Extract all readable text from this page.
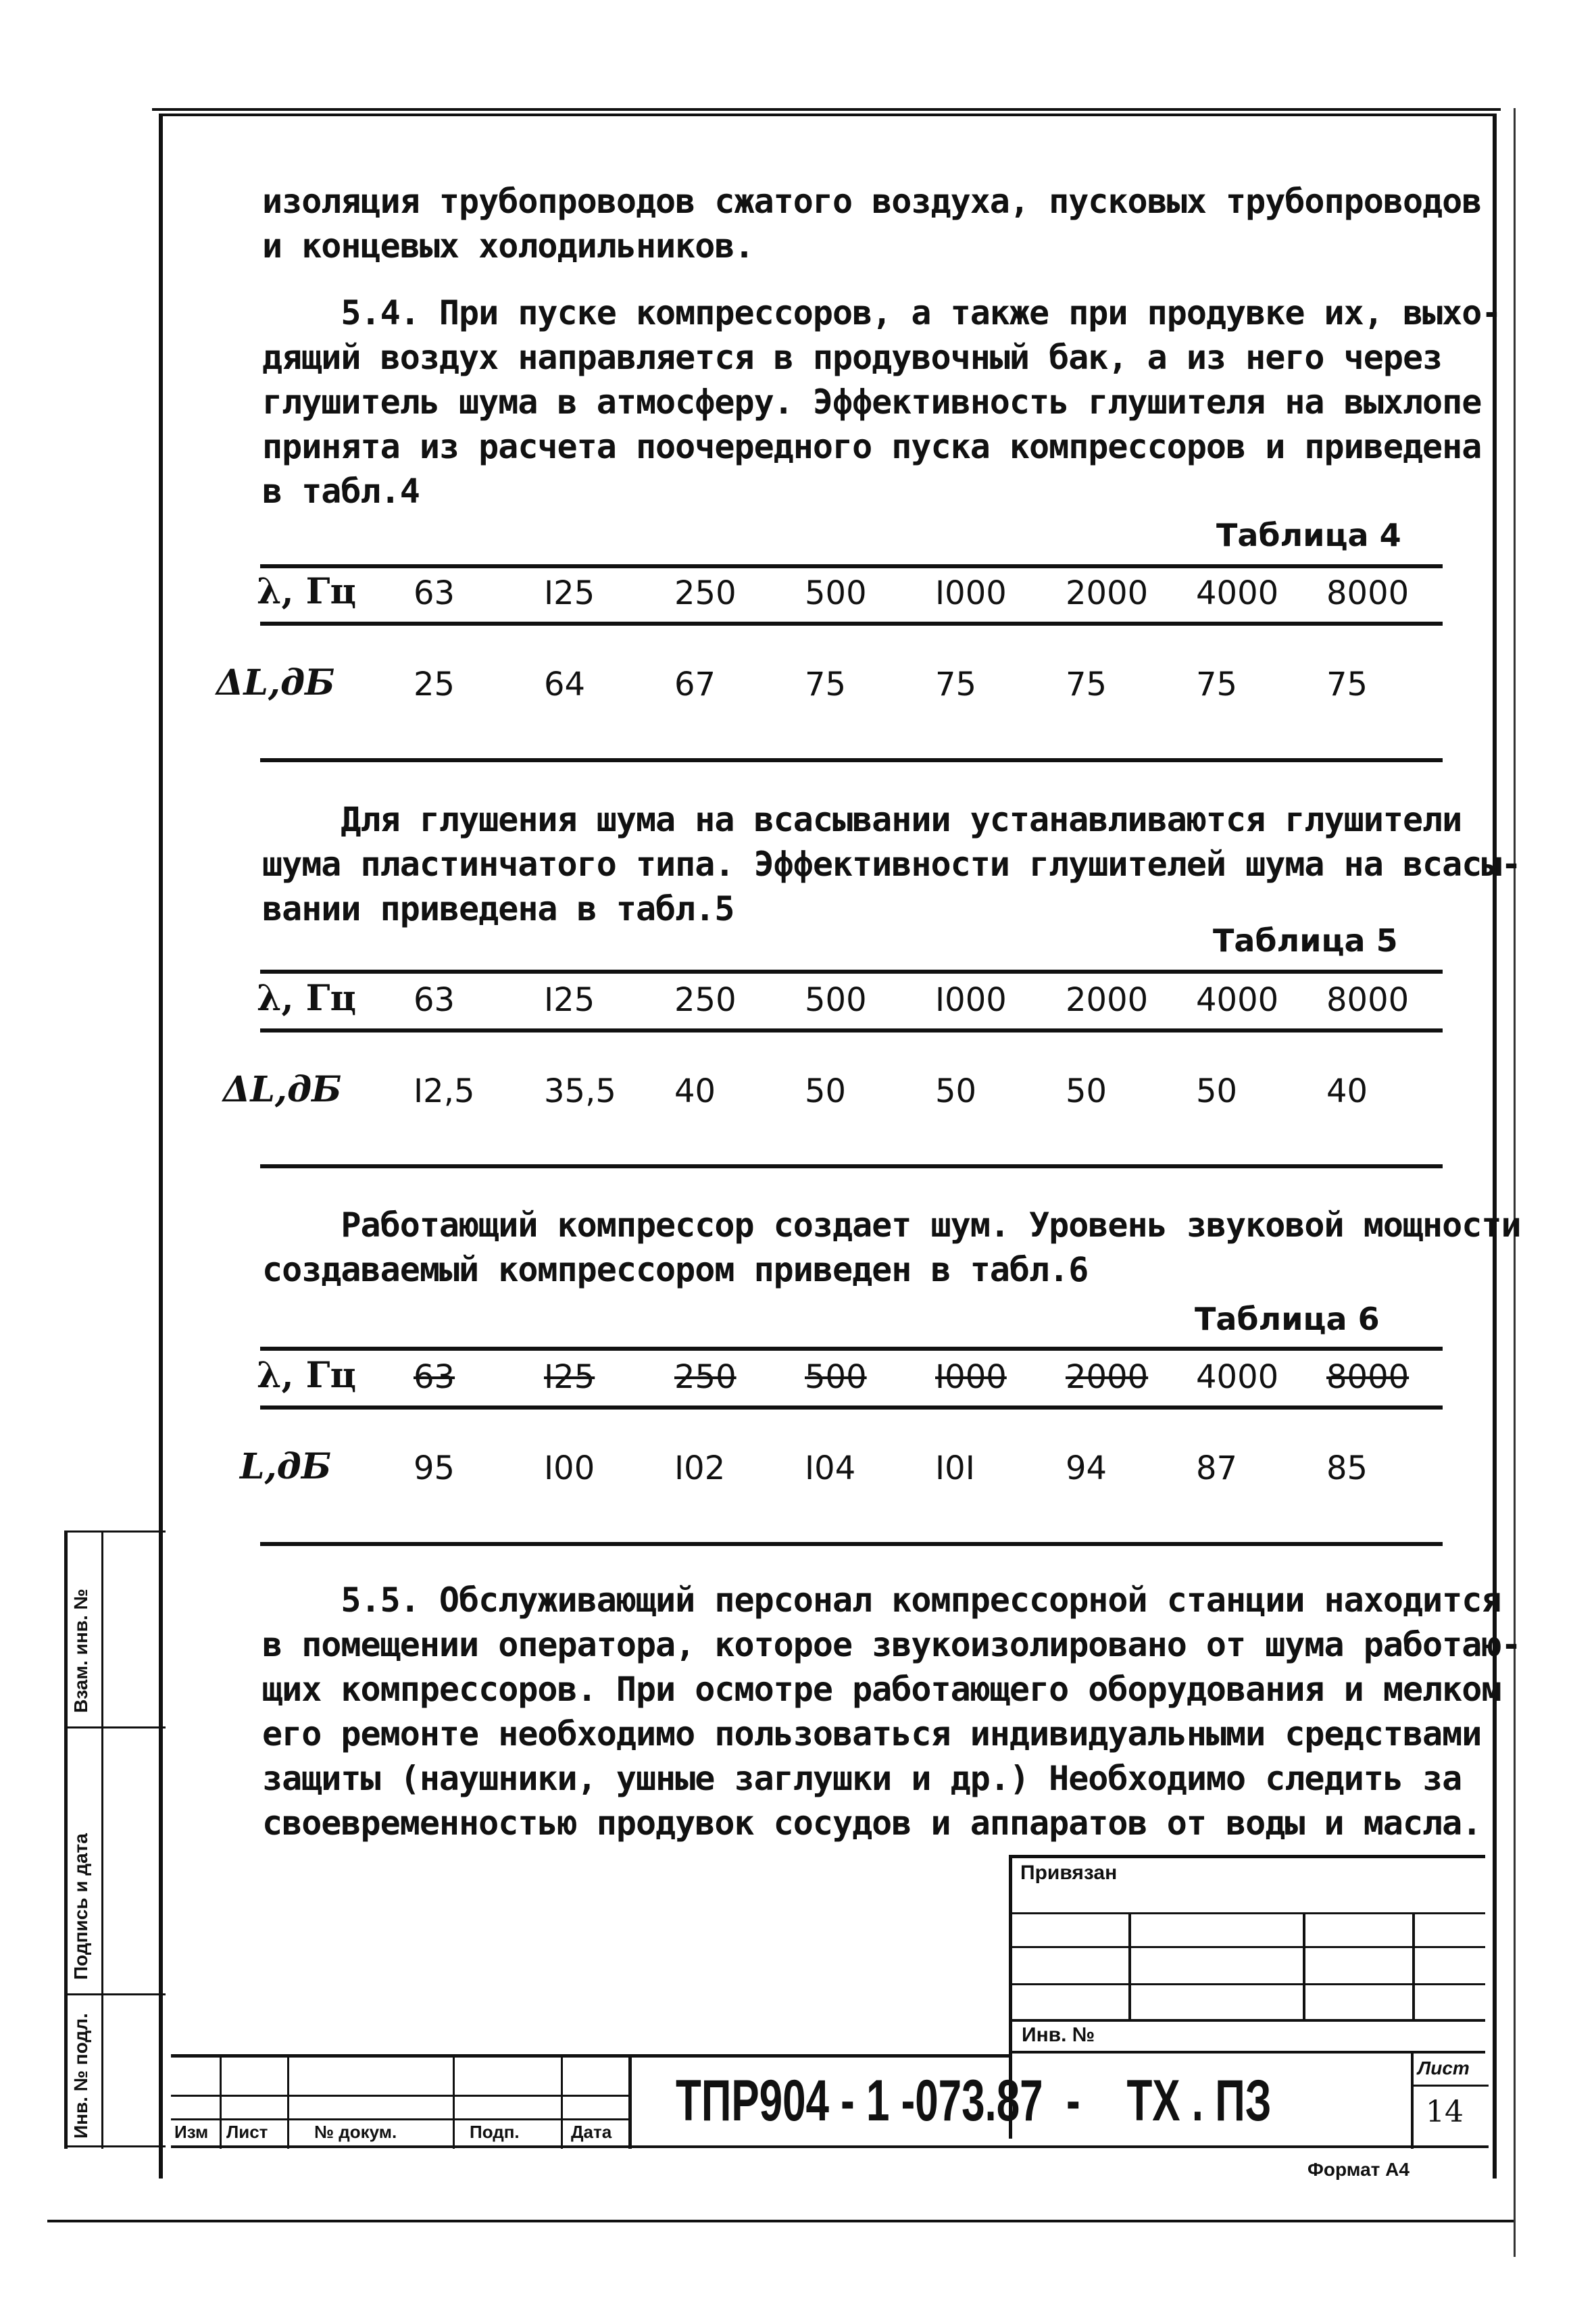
изоляция трубопроводов сжатого воздуха, пусковых трубопроводов
и концевых холодильников.

5.4. При пуске компрессоров, а также при продувке их, выхо-
дящий воздух направляется в продувочный бак, а из него через
глушитель шума в атмосферу. Эффективность глушителя на выхлопе
принята из расчета поочередного пуска компрессоров и приведена
в табл.4

Таблица 4
λ, Гц 63	I25 250 500 I000 2000 4000 8000
ΔL,дБ 25	64	67	75	75	75	75	75

Для глушения шума на всасывании устанавливаются глушители
шума пластинчатого типа. Эффективности глушителей шума на всасы-
вании приведена в табл.5

Таблица 5
λ, Гц 63	I25 250 500 I000 2000 4000 8000
ΔL,дБ I2,5 35,5 40	50	50	50	50	40

Работающий компрессор создает шум. Уровень звуковой мощности
создаваемый компрессором приведен в табл.6

Таблица 6
λ, Гц 63	I25 250 500 I000 2000 4000 8000
L,дБ	95	I00 I02 I04 I0I	94	87	85

5.5. Обслуживающий персонал компрессорной станции находится
в помещении оператора, которое звукоизолировано от шума работаю-
щих компрессоров. При осмотре работающего оборудования и мелком
его ремонте необходимо пользоваться индивидуальными средствами
защиты (наушники, ушные заглушки и др.) Необходимо следить за
своевременностью продувок сосудов и аппаратов от воды и масла.

Привязан
Инв. №
Изм Лист	№ докум.	Подп.	Дата ТПР904 - 1 -073.87  -    ТХ . ПЗ
Лист
14
Формат А4
Взам. инв. №
Подпись и дата
Инв. № подл.
